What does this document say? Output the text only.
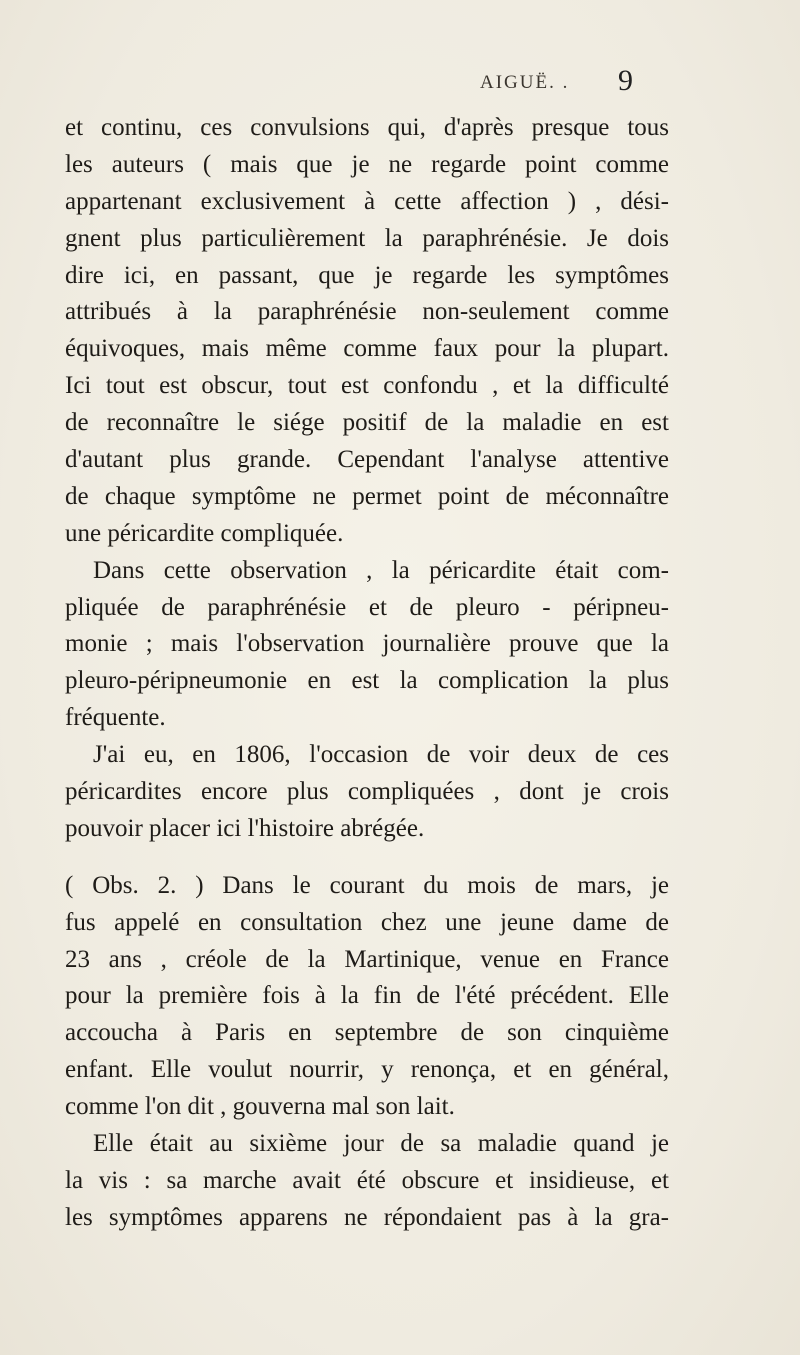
AIGUË. . 9
et continu, ces convulsions qui, d'après presque tous
les auteurs ( mais que je ne regarde point comme
appartenant exclusivement à cette affection ) , dési-
gnent plus particulièrement la paraphrénésie. Je dois
dire ici, en passant, que je regarde les symptômes
attribués à la paraphrénésie non-seulement comme
équivoques, mais même comme faux pour la plupart.
Ici tout est obscur, tout est confondu , et la difficulté
de reconnaître le siége positif de la maladie en est
d'autant plus grande. Cependant l'analyse attentive
de chaque symptôme ne permet point de méconnaître
une péricardite compliquée.
Dans cette observation , la péricardite était com-
pliquée de paraphrénésie et de pleuro - péripneu-
monie ; mais l'observation journalière prouve que la
pleuro-péripneumonie en est la complication la plus
fréquente.
J'ai eu, en 1806, l'occasion de voir deux de ces
péricardites encore plus compliquées , dont je crois
pouvoir placer ici l'histoire abrégée.
( Obs. 2. ) Dans le courant du mois de mars, je
fus appelé en consultation chez une jeune dame de
23 ans , créole de la Martinique, venue en France
pour la première fois à la fin de l'été précédent. Elle
accoucha à Paris en septembre de son cinquième
enfant. Elle voulut nourrir, y renonça, et en général,
comme l'on dit , gouverna mal son lait.
Elle était au sixième jour de sa maladie quand je
la vis : sa marche avait été obscure et insidieuse, et
les symptômes apparens ne répondaient pas à la gra-
